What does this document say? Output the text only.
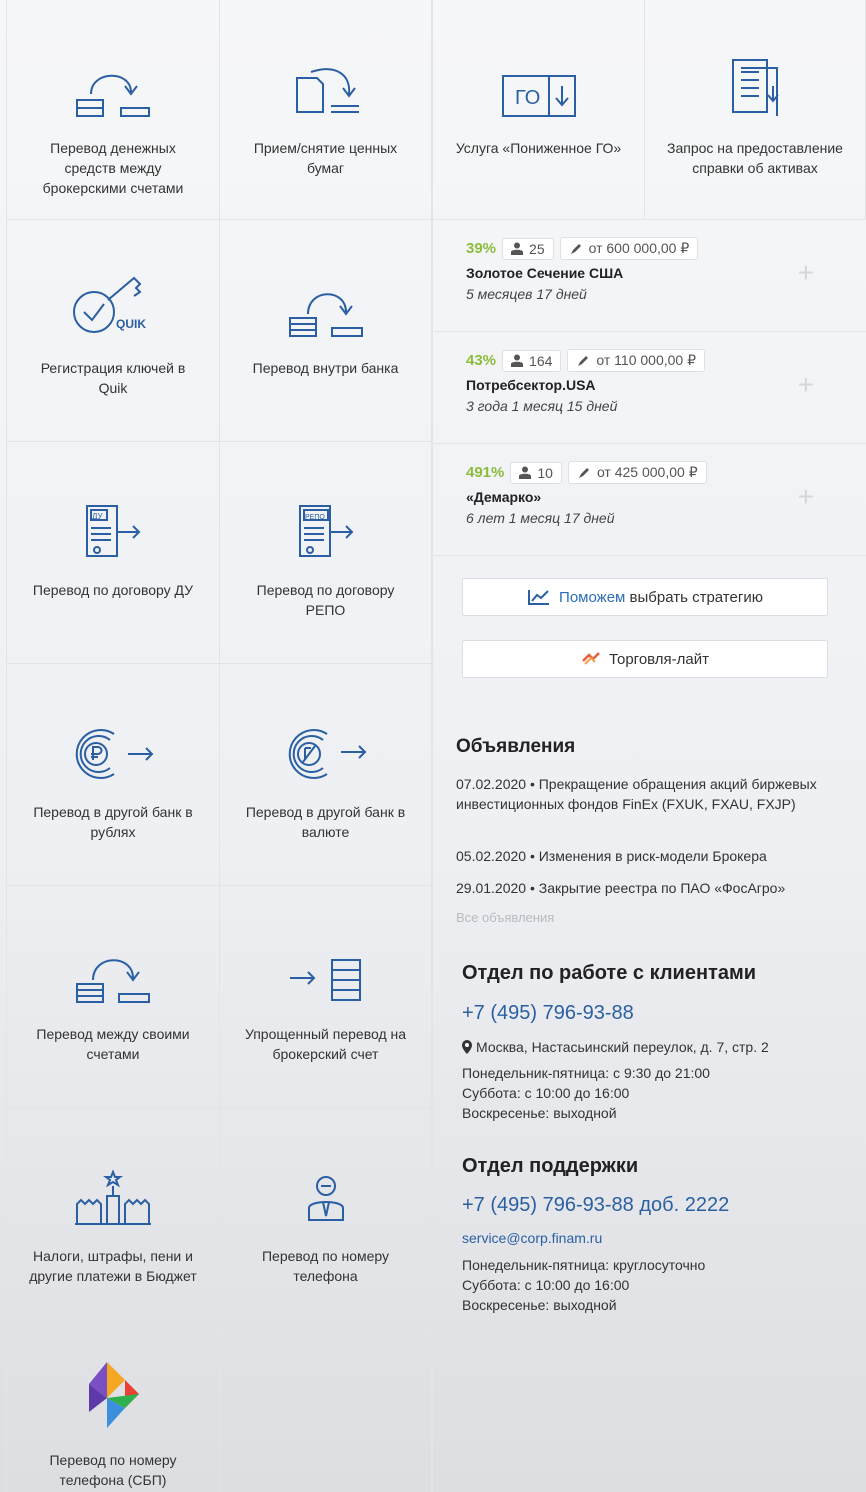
Перевод денежных средств между брокерскими счетами
Прием/снятие ценных бумаг
ГО
Услуга «Пониженное ГО»	Запрос на предоставление справки об активах
QUIK
Регистрация ключей в Quik
Перевод внутри банка
ДУ
Перевод по договору ДУ
РЕПО
Перевод по договору РЕПО
Перевод в другой банк в рублях
Перевод в другой банк в валюте
Перевод между своими счетами
Упрощенный перевод на брокерский счет
Налоги, штрафы, пени и другие платежи в Бюджет
Перевод по номеру телефона
Перевод по номеру телефона (СБП)
39% 25	от 600 000,00 ₽
Золотое Сечение США
5 месяцев 17 дней
+
43% 164	от 110 000,00 ₽
Потребсектор.USA
3 года 1 месяц 15 дней
+
491% 10	от 425 000,00 ₽
«Демарко»
6 лет 1 месяц 17 дней
+
Поможем выбрать стратегию
Торговля-лайт
Объявления
07.02.2020 • Прекращение обращения акций биржевых инвестиционных фондов FinEx (FXUK, FXAU, FXJP)
05.02.2020 • Изменения в риск-модели Брокера
29.01.2020 • Закрытие реестра по ПАО «ФосАгро»
Все объявления
Отдел по работе с клиентами
+7 (495) 796-93-88
Москва, Настасьинский переулок, д. 7, стр. 2
Понедельник-пятница: с 9:30 до 21:00
Суббота: с 10:00 до 16:00
Воскресенье: выходной
Отдел поддержки
+7 (495) 796-93-88 доб. 2222
service@corp.finam.ru
Понедельник-пятница: круглосуточно
Суббота: с 10:00 до 16:00
Воскресенье: выходной
